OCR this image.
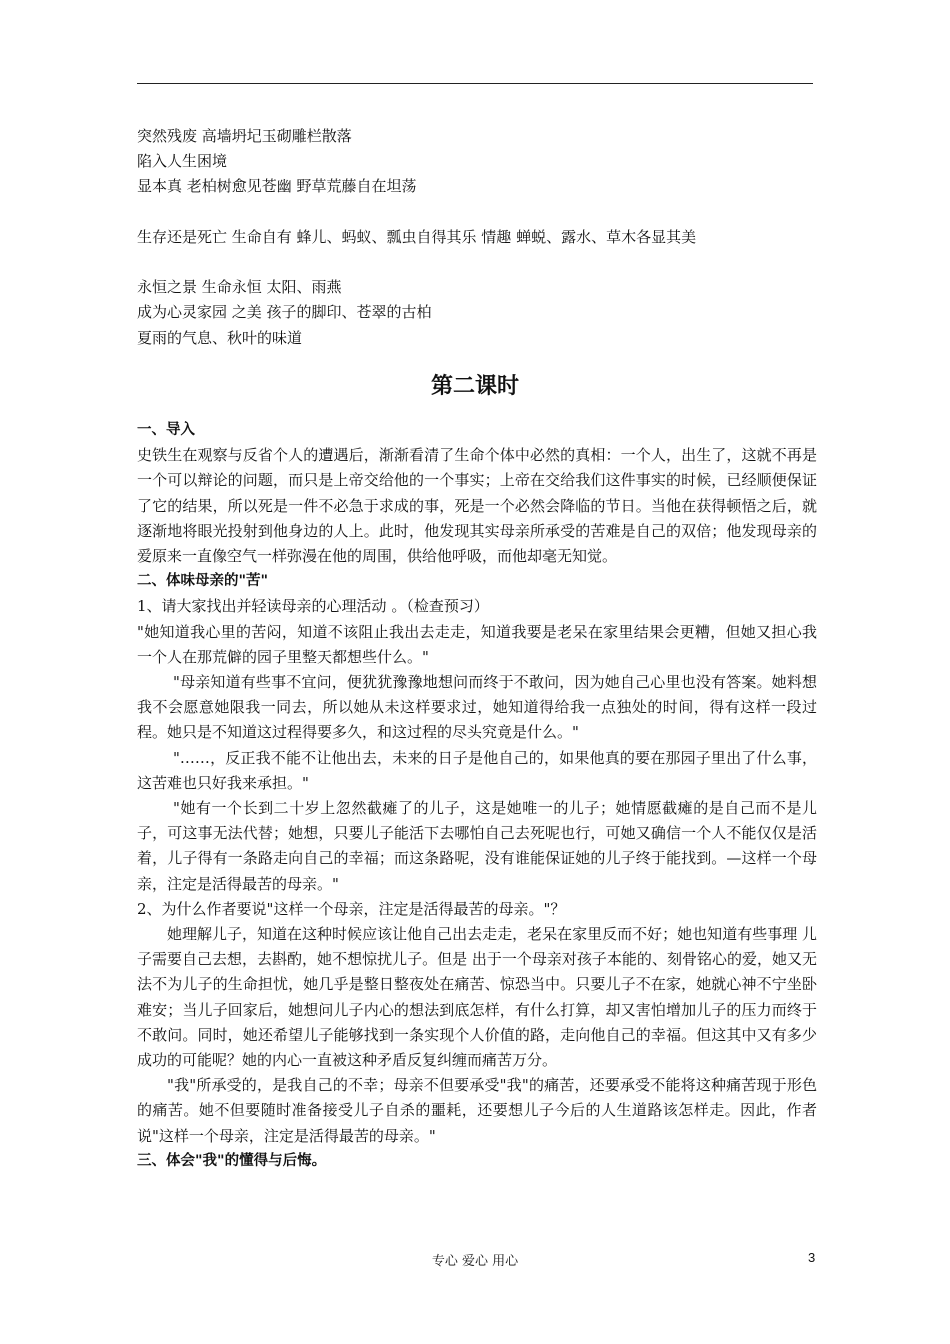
突然残废 高墙坍圮玉砌雕栏散落
陷入人生困境
显本真 老柏树愈见苍幽 野草荒藤自在坦荡
生存还是死亡 生命自有 蜂儿、蚂蚁、瓢虫自得其乐 情趣 蝉蜕、露水、草木各显其美
永恒之景 生命永恒 太阳、雨燕
成为心灵家园 之美 孩子的脚印、苍翠的古柏
夏雨的气息、秋叶的味道
第二课时
一、导入
史铁生在观察与反省个人的遭遇后，渐渐看清了生命个体中必然的真相：一个人，出生了，这就不再是一个可以辩论的问题，而只是上帝交给他的一个事实；上帝在交给我们这件事实的时候，已经顺便保证了它的结果，所以死是一件不必急于求成的事，死是一个必然会降临的节日。当他在获得顿悟之后，就逐渐地将眼光投射到他身边的人上。此时，他发现其实母亲所承受的苦难是自己的双倍；他发现母亲的爱原来一直像空气一样弥漫在他的周围，供给他呼吸，而他却毫无知觉。
二、体味母亲的"苦"
1、请大家找出并轻读母亲的心理活动 。（检查预习）
"她知道我心里的苦闷，知道不该阻止我出去走走，知道我要是老呆在家里结果会更糟，但她又担心我一个人在那荒僻的园子里整天都想些什么。"
"母亲知道有些事不宜问，便犹犹豫豫地想问而终于不敢问，因为她自己心里也没有答案。她料想我不会愿意她限我一同去，所以她从未这样要求过，她知道得给我一点独处的时间，得有这样一段过程。她只是不知道这过程得要多久，和这过程的尽头究竟是什么。"
"……，反正我不能不让他出去，未来的日子是他自己的，如果他真的要在那园子里出了什么事，这苦难也只好我来承担。"
"她有一个长到二十岁上忽然截瘫了的儿子，这是她唯一的儿子；她情愿截瘫的是自己而不是儿子，可这事无法代替；她想，只要儿子能活下去哪怕自己去死呢也行，可她又确信一个人不能仅仅是活着，儿子得有一条路走向自己的幸福；而这条路呢，没有谁能保证她的儿子终于能找到。—这样一个母亲，注定是活得最苦的母亲。"
2、为什么作者要说"这样一个母亲，注定是活得最苦的母亲。"？
她理解儿子，知道在这种时候应该让他自己出去走走，老呆在家里反而不好；她也知道有些事理 儿子需要自己去想，去斟酌，她不想惊扰儿子。但是 出于一个母亲对孩子本能的、刻骨铭心的爱，她又无法不为儿子的生命担忧，她几乎是整日整夜处在痛苦、惊恐当中。只要儿子不在家，她就心神不宁坐卧难安；当儿子回家后，她想问儿子内心的想法到底怎样，有什么打算，却又害怕增加儿子的压力而终于不敢问。同时，她还希望儿子能够找到一条实现个人价值的路，走向他自己的幸福。但这其中又有多少成功的可能呢？她的内心一直被这种矛盾反复纠缠而痛苦万分。
"我"所承受的，是我自己的不幸；母亲不但要承受"我"的痛苦，还要承受不能将这种痛苦现于形色的痛苦。她不但要随时准备接受儿子自杀的噩耗，还要想儿子今后的人生道路该怎样走。因此，作者说"这样一个母亲，注定是活得最苦的母亲。"
三、体会"我"的懂得与后悔。
专心 爱心 用心	3
